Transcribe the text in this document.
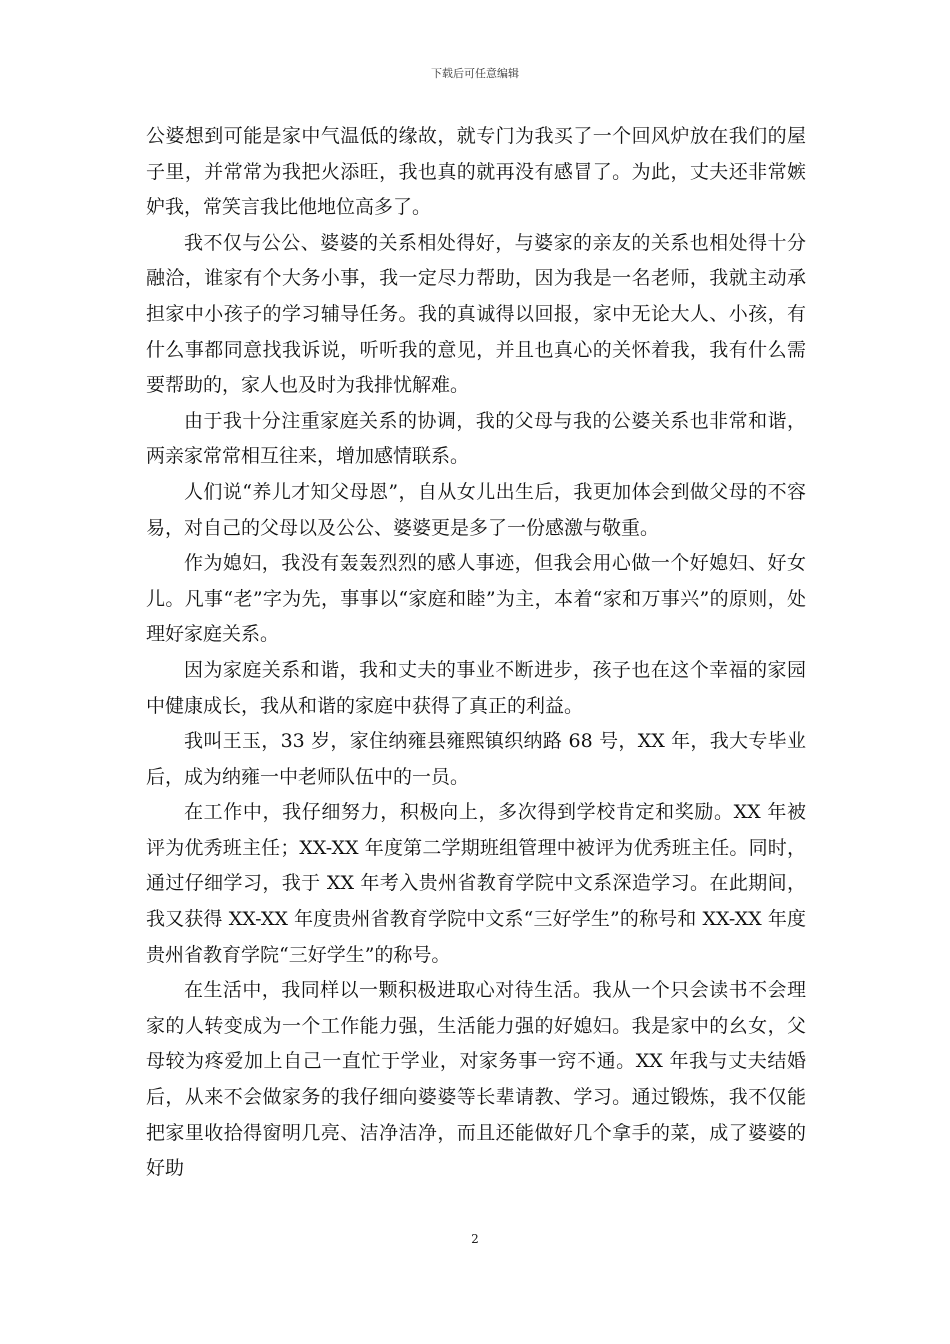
下载后可任意编辑

公婆想到可能是家中气温低的缘故，就专门为我买了一个回风炉放在我们的屋子里，并常常为我把火添旺，我也真的就再没有感冒了。为此，丈夫还非常嫉妒我，常笑言我比他地位高多了。

我不仅与公公、婆婆的关系相处得好，与婆家的亲友的关系也相处得十分融洽，谁家有个大务小事，我一定尽力帮助，因为我是一名老师，我就主动承担家中小孩子的学习辅导任务。我的真诚得以回报，家中无论大人、小孩，有什么事都同意找我诉说，听听我的意见，并且也真心的关怀着我，我有什么需要帮助的，家人也及时为我排忧解难。

由于我十分注重家庭关系的协调，我的父母与我的公婆关系也非常和谐，两亲家常常相互往来，增加感情联系。

人们说“养儿才知父母恩”，自从女儿出生后，我更加体会到做父母的不容易，对自己的父母以及公公、婆婆更是多了一份感激与敬重。

作为媳妇，我没有轰轰烈烈的感人事迹，但我会用心做一个好媳妇、好女儿。凡事“老”字为先，事事以“家庭和睦”为主，本着“家和万事兴”的原则，处理好家庭关系。

因为家庭关系和谐，我和丈夫的事业不断进步，孩子也在这个幸福的家园中健康成长，我从和谐的家庭中获得了真正的利益。

我叫王玉，33 岁，家住纳雍县雍熙镇织纳路 68 号，XX 年，我大专毕业后，成为纳雍一中老师队伍中的一员。

在工作中，我仔细努力，积极向上，多次得到学校肯定和奖励。XX 年被评为优秀班主任；XX-XX 年度第二学期班组管理中被评为优秀班主任。同时，通过仔细学习，我于 XX 年考入贵州省教育学院中文系深造学习。在此期间，我又获得 XX-XX 年度贵州省教育学院中文系“三好学生”的称号和 XX-XX 年度贵州省教育学院“三好学生”的称号。

在生活中，我同样以一颗积极进取心对待生活。我从一个只会读书不会理家的人转变成为一个工作能力强，生活能力强的好媳妇。我是家中的幺女，父母较为疼爱加上自己一直忙于学业，对家务事一窍不通。XX 年我与丈夫结婚后，从来不会做家务的我仔细向婆婆等长辈请教、学习。通过锻炼，我不仅能把家里收拾得窗明几亮、洁净洁净，而且还能做好几个拿手的菜，成了婆婆的好助

2
